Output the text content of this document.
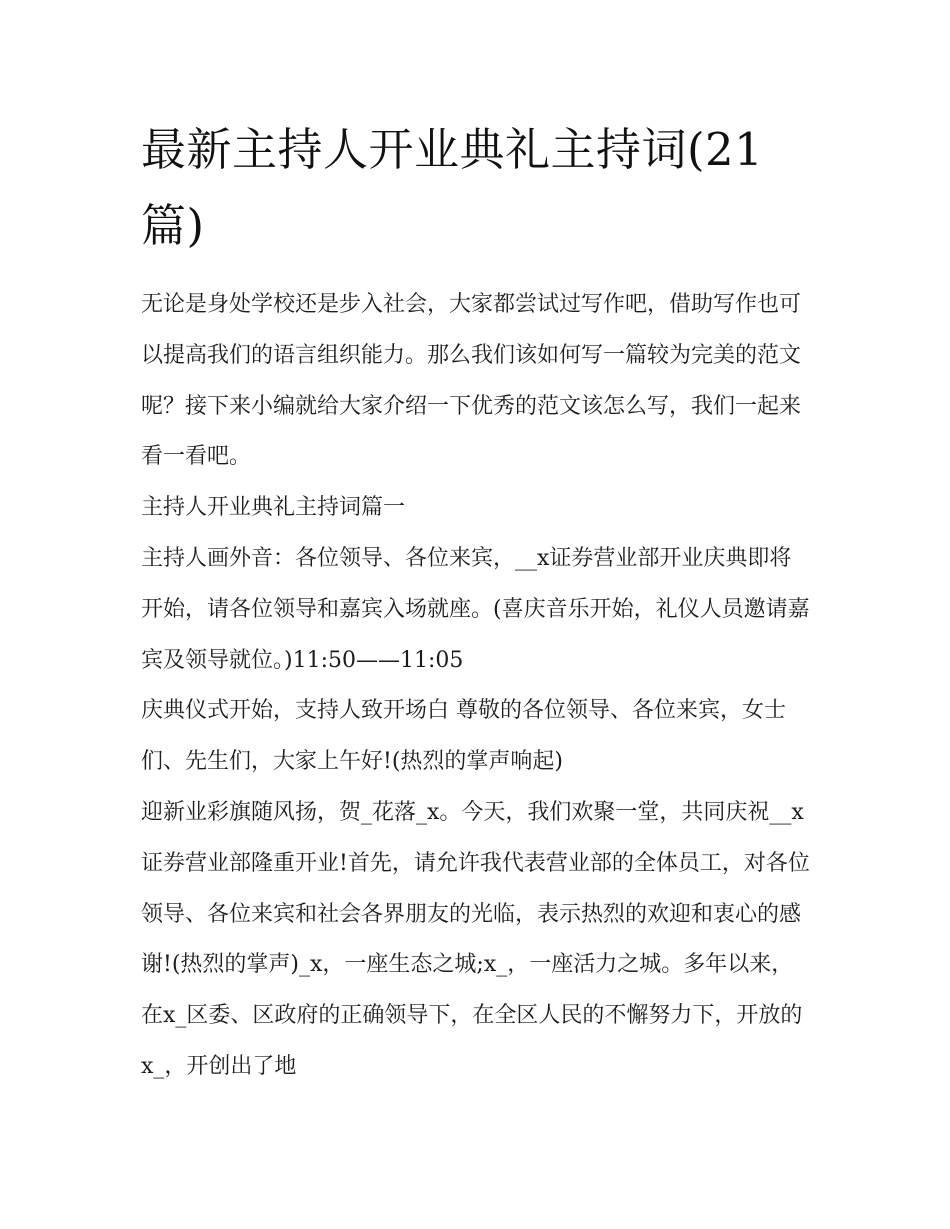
最新主持人开业典礼主持词(21篇)

无论是身处学校还是步入社会，大家都尝试过写作吧，借助写作也可以提高我们的语言组织能力。那么我们该如何写一篇较为完美的范文呢？接下来小编就给大家介绍一下优秀的范文该怎么写，我们一起来看一看吧。

主持人开业典礼主持词篇一

主持人画外音：各位领导、各位来宾，__x证券营业部开业庆典即将开始，请各位领导和嘉宾入场就座。(喜庆音乐开始，礼仪人员邀请嘉宾及领导就位。)11:50——11:05

庆典仪式开始，支持人致开场白 尊敬的各位领导、各位来宾，女士们、先生们，大家上午好!(热烈的掌声响起)

迎新业彩旗随风扬，贺_花落_x。今天，我们欢聚一堂，共同庆祝__x证券营业部隆重开业!首先，请允许我代表营业部的全体员工，对各位领导、各位来宾和社会各界朋友的光临，表示热烈的欢迎和衷心的感谢!(热烈的掌声)_x，一座生态之城;x_，一座活力之城。多年以来，在x_区委、区政府的正确领导下，在全区人民的不懈努力下，开放的x_，开创出了地
